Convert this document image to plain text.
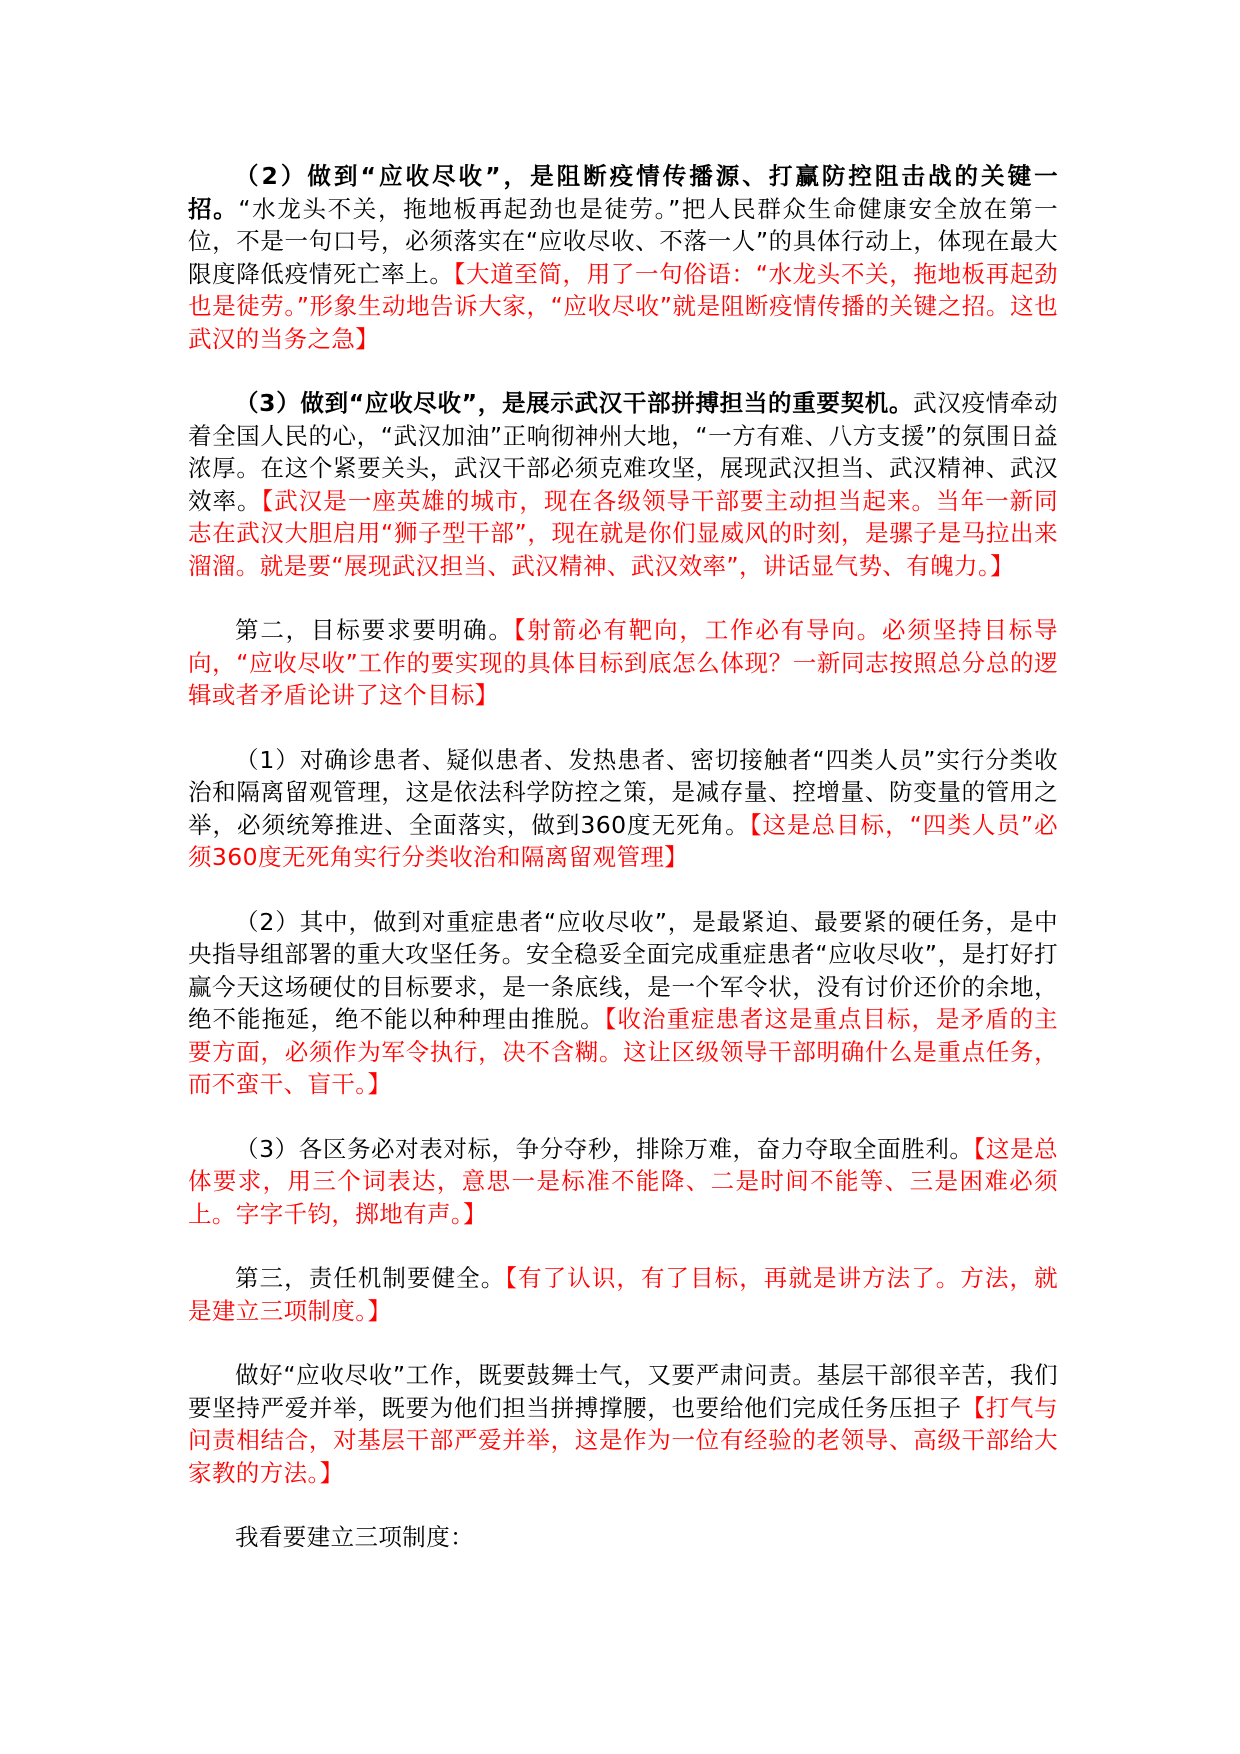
（2）做到“应收尽收”，是阻断疫情传播源、打赢防控阻击战的关键一招。“水龙头不关，拖地板再起劲也是徒劳。”把人民群众生命健康安全放在第一位，不是一句口号，必须落实在“应收尽收、不落一人”的具体行动上，体现在最大限度降低疫情死亡率上。【大道至简，用了一句俗语：“水龙头不关，拖地板再起劲也是徒劳。”形象生动地告诉大家，“应收尽收”就是阻断疫情传播的关键之招。这也武汉的当务之急】

（3）做到“应收尽收”，是展示武汉干部拼搏担当的重要契机。武汉疫情牵动着全国人民的心，“武汉加油”正响彻神州大地，“一方有难、八方支援”的氛围日益浓厚。在这个紧要关头，武汉干部必须克难攻坚，展现武汉担当、武汉精神、武汉效率。【武汉是一座英雄的城市，现在各级领导干部要主动担当起来。当年一新同志在武汉大胆启用“狮子型干部”，现在就是你们显威风的时刻，是骡子是马拉出来溜溜。就是要“展现武汉担当、武汉精神、武汉效率”，讲话显气势、有魄力。】

第二，目标要求要明确。【射箭必有靶向，工作必有导向。必须坚持目标导向，“应收尽收”工作的要实现的具体目标到底怎么体现？一新同志按照总分总的逻辑或者矛盾论讲了这个目标】

（1）对确诊患者、疑似患者、发热患者、密切接触者“四类人员”实行分类收治和隔离留观管理，这是依法科学防控之策，是减存量、控增量、防变量的管用之举，必须统筹推进、全面落实，做到360度无死角。【这是总目标，“四类人员”必须360度无死角实行分类收治和隔离留观管理】

（2）其中，做到对重症患者“应收尽收”，是最紧迫、最要紧的硬任务，是中央指导组部署的重大攻坚任务。安全稳妥全面完成重症患者“应收尽收”，是打好打赢今天这场硬仗的目标要求，是一条底线，是一个军令状，没有讨价还价的余地，绝不能拖延，绝不能以种种理由推脱。【收治重症患者这是重点目标，是矛盾的主要方面，必须作为军令执行，决不含糊。这让区级领导干部明确什么是重点任务，而不蛮干、盲干。】

（3）各区务必对表对标，争分夺秒，排除万难，奋力夺取全面胜利。【这是总体要求，用三个词表达，意思一是标准不能降、二是时间不能等、三是困难必须上。字字千钧，掷地有声。】

第三，责任机制要健全。【有了认识，有了目标，再就是讲方法了。方法，就是建立三项制度。】

做好“应收尽收”工作，既要鼓舞士气，又要严肃问责。基层干部很辛苦，我们要坚持严爱并举，既要为他们担当拼搏撑腰，也要给他们完成任务压担子【打气与问责相结合，对基层干部严爱并举，这是作为一位有经验的老领导、高级干部给大家教的方法。】

我看要建立三项制度：
